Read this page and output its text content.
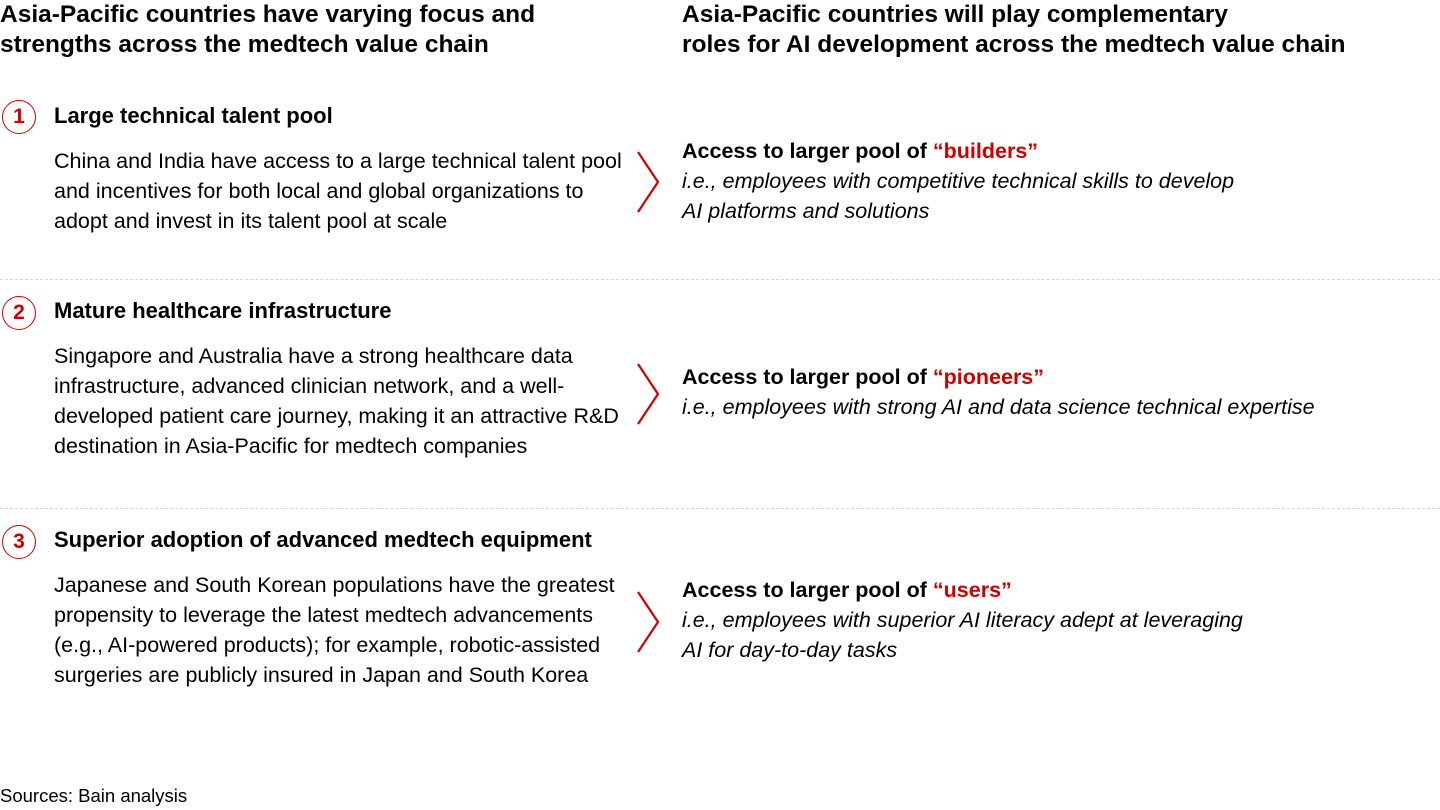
Asia-Pacific countries have varying focus and
strengths across the medtech value chain
Asia-Pacific countries will play complementary
roles for AI development across the medtech value chain
1	Large technical talent pool
China and India have access to a large technical talent pool and incentives for both local and global organizations to adopt and invest in its talent pool at scale
Access to larger pool of “builders”
i.e., employees with competitive technical skills to develop
AI platforms and solutions
2	Mature healthcare infrastructure
Singapore and Australia have a strong healthcare data infrastructure, advanced clinician network, and a well-developed patient care journey, making it an attractive R&D destination in Asia-Pacific for medtech companies
Access to larger pool of “pioneers”
i.e., employees with strong AI and data science technical expertise
3	Superior adoption of advanced medtech equipment
Japanese and South Korean populations have the greatest propensity to leverage the latest medtech advancements (e.g., AI-powered products); for example, robotic-assisted surgeries are publicly insured in Japan and South Korea
Access to larger pool of “users”
i.e., employees with superior AI literacy adept at leveraging
AI for day-to-day tasks
Sources: Bain analysis
